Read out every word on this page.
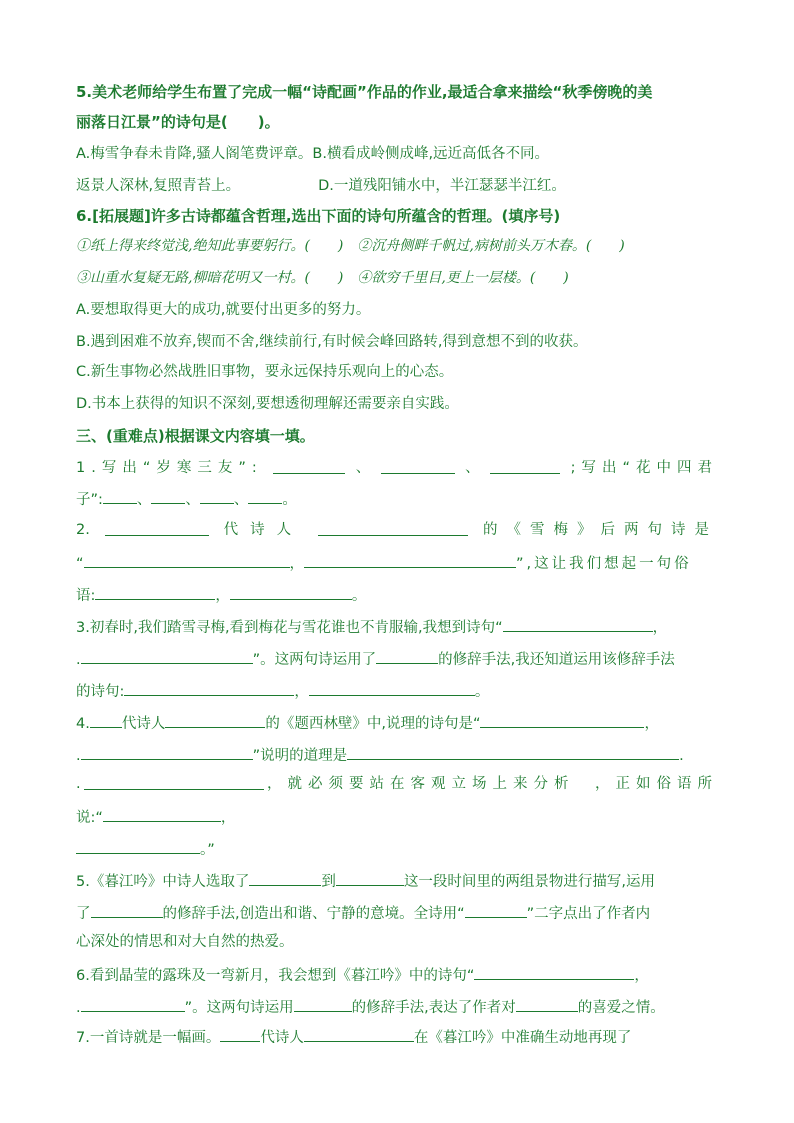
5.美术老师给学生布置了完成一幅“诗配画”作品的作业,最适合拿来描绘“秋季傍晚的美
丽落日江景”的诗句是(　　)。
A.梅雪争春未肯降,骚人阁笔费评章。B.横看成岭侧成峰,远近高低各不同。
返景人深林,复照青苔上。	D.一道残阳铺水中，半江瑟瑟半江红。
6.[拓展题]许多古诗都蕴含哲理,选出下面的诗句所蕴含的哲理。(填序号)
①纸上得来终觉浅,绝知此事要躬行。(　　) ②沉舟侧畔千帆过,病树前头万木春。(　　)
③山重水复疑无路,柳暗花明又一村。(　　) ④欲穷千里目,更上一层楼。(　　)
A.要想取得更大的成功,就要付出更多的努力。
B.遇到困难不放弃,锲而不舍,继续前行,有时候会峰回路转,得到意想不到的收获。
C.新生事物必然战胜旧事物，要永远保持乐观向上的心态。
D.书本上获得的知识不深刻,要想透彻理解还需要亲自实践。
三、(重难点)根据课文内容填一填。
1.写出“岁寒三友”:	、	、	;写出“花中四君
子”: 、 、 、 。
2.	代诗人	的《雪梅》后两句诗是
“	，	”,这让我们想起一句俗
语:	，	。
3.初春时,我们踏雪寻梅,看到梅花与雪花谁也不肯服输,我想到诗句“	，
.	”。这两句诗运用了	的修辞手法,我还知道运用该修辞手法
的诗句:	，	。
4. 代诗人	的《题西林壁》中,说理的诗句是“	，
.	”说明的道理是	.
.	，就必须要站在客观立场上来分析　，正如俗语所
说:“	，
。”
5.《暮江吟》中诗人选取了	到	这一段时间里的两组景物进行描写,运用
了	的修辞手法,创造出和谐、宁静的意境。全诗用“	”二字点出了作者内
心深处的情思和对大自然的热爱。
6.看到晶莹的露珠及一弯新月，我会想到《暮江吟》中的诗句“	，
.	”。这两句诗运用	的修辞手法,表达了作者对	的喜爱之情。
7.一首诗就是一幅画。	代诗人	在《暮江吟》中准确生动地再现了
